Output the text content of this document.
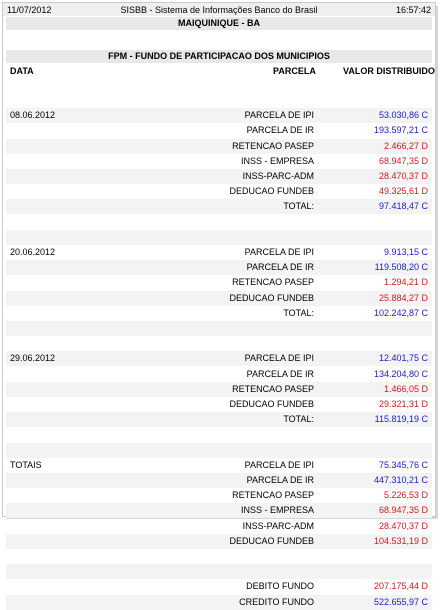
11/07/2012	SISBB - Sistema de Informações Banco do Brasil	16:57:42
MAIQUINIQUE - BA
FPM - FUNDO DE PARTICIPACAO DOS MUNICIPIOS
DATA	PARCELA	VALOR DISTRIBUIDO
08.06.2012	PARCELA DE IPI	53.030,86 C
PARCELA DE IR	193.597,21 C
RETENCAO PASEP	2.466,27 D
INSS - EMPRESA	68.947,35 D
INSS-PARC-ADM	28.470,37 D
DEDUCAO FUNDEB	49.325,61 D
TOTAL:	97.418,47 C
20.06.2012	PARCELA DE IPI	9.913,15 C
PARCELA DE IR	119.508,20 C
RETENCAO PASEP	1.294,21 D
DEDUCAO FUNDEB	25.884,27 D
TOTAL:	102.242,87 C
29.06.2012	PARCELA DE IPI	12.401,75 C
PARCELA DE IR	134.204,80 C
RETENCAO PASEP	1.466,05 D
DEDUCAO FUNDEB	29.321,31 D
TOTAL:	115.819,19 C
TOTAIS	PARCELA DE IPI	75.345,76 C
PARCELA DE IR	447.310,21 C
RETENCAO PASEP	5.226,53 D
INSS - EMPRESA	68.947,35 D
INSS-PARC-ADM	28.470,37 D
DEDUCAO FUNDEB	104.531,19 D
DEBITO FUNDO	207.175,44 D
CREDITO FUNDO	522.655,97 C
